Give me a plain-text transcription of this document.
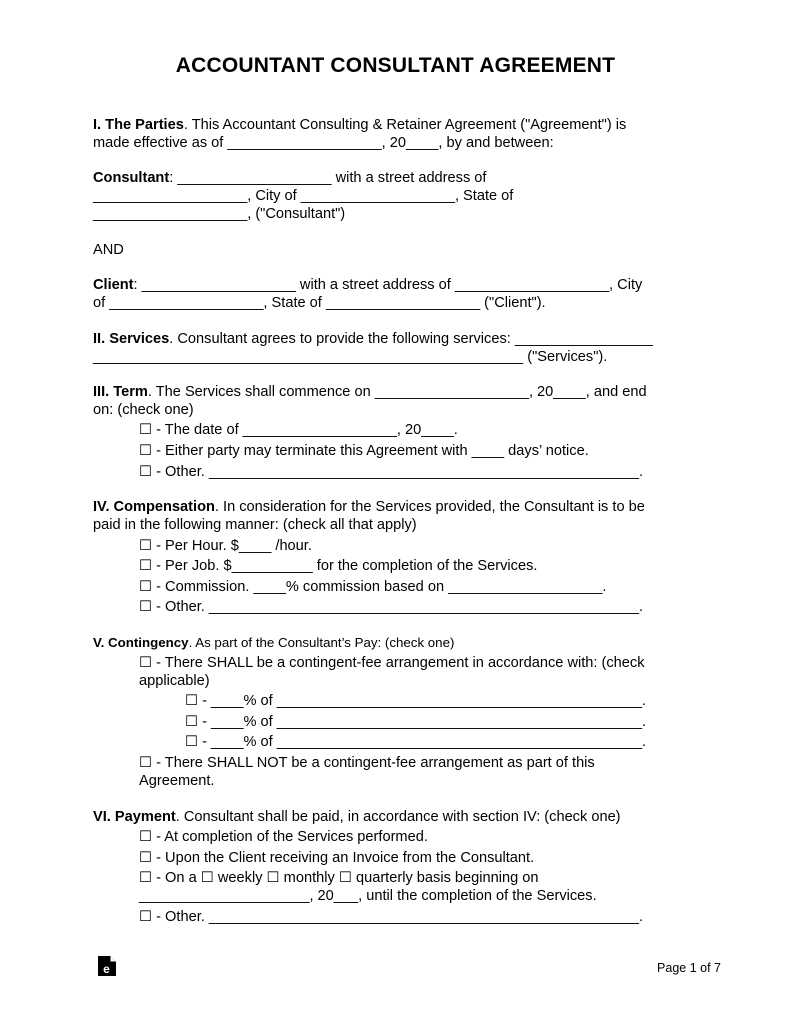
ACCOUNTANT CONSULTANT AGREEMENT
I. The Parties. This Accountant Consulting & Retainer Agreement ("Agreement") is
made effective as of ___________________, 20____, by and between:
Consultant: ___________________ with a street address of
___________________, City of ___________________, State of
___________________, ("Consultant")
AND
Client: ___________________ with a street address of ___________________, City
of ___________________, State of ___________________ ("Client").
II. Services. Consultant agrees to provide the following services: _________________
_____________________________________________________ ("Services").
III. Term. The Services shall commence on ___________________, 20____, and end
on: (check one)
☐ - The date of ___________________, 20____.
☐ - Either party may terminate this Agreement with ____ days’ notice.
☐ - Other. _____________________________________________________.
IV. Compensation. In consideration for the Services provided, the Consultant is to be
paid in the following manner: (check all that apply)
☐ - Per Hour. $____ /hour.
☐ - Per Job. $__________ for the completion of the Services.
☐ - Commission. ____% commission based on ___________________.
☐ - Other. _____________________________________________________.
V. Contingency. As part of the Consultant’s Pay: (check one)
☐ - There SHALL be a contingent-fee arrangement in accordance with: (check
applicable)
☐ - ____% of _____________________________________________.
☐ - ____% of _____________________________________________.
☐ - ____% of _____________________________________________.
☐ - There SHALL NOT be a contingent-fee arrangement as part of this
Agreement.
VI. Payment. Consultant shall be paid, in accordance with section IV: (check one)
☐ - At completion of the Services performed.
☐ - Upon the Client receiving an Invoice from the Consultant.
☐ - On a ☐ weekly ☐ monthly ☐ quarterly basis beginning on
_____________________, 20___, until the completion of the Services.
☐ - Other. _____________________________________________________.
e	Page 1 of 7
